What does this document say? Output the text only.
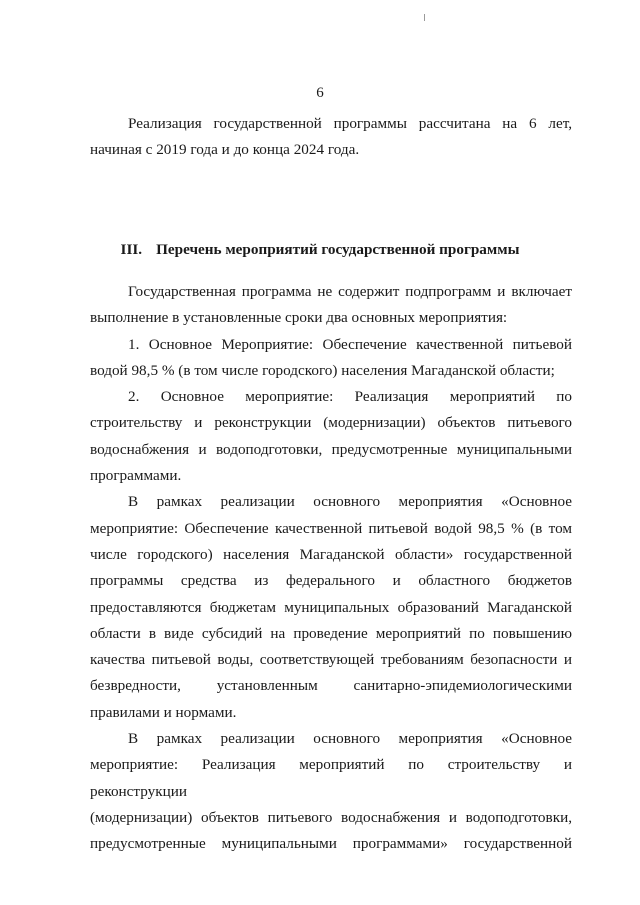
6

Реализация государственной программы рассчитана на 6 лет,

начиная с 2019 года и до конца 2024 года.

III. Перечень мероприятий государственной программы

Государственная программа не содержит подпрограмм и включает

выполнение в установленные сроки два основных мероприятия:

1. Основное Мероприятие: Обеспечение качественной питьевой

водой 98,5 % (в том числе городского) населения Магаданской области;

2. Основное мероприятие: Реализация мероприятий по

строительству и реконструкции (модернизации) объектов питьевого

водоснабжения и водоподготовки, предусмотренные муниципальными

программами.

В рамках реализации основного мероприятия «Основное

мероприятие: Обеспечение качественной питьевой водой 98,5 % (в том

числе городского) населения Магаданской области» государственной

программы средства из федерального и областного бюджетов

предоставляются бюджетам муниципальных образований Магаданской

области в виде субсидий на проведение мероприятий по повышению

качества питьевой воды, соответствующей требованиям безопасности и

безвредности, установленным санитарно-эпидемиологическими

правилами и нормами.

В рамках реализации основного мероприятия «Основное

мероприятие: Реализация мероприятий по строительству и реконструкции

(модернизации) объектов питьевого водоснабжения и водоподготовки,

предусмотренные муниципальными программами» государственной
